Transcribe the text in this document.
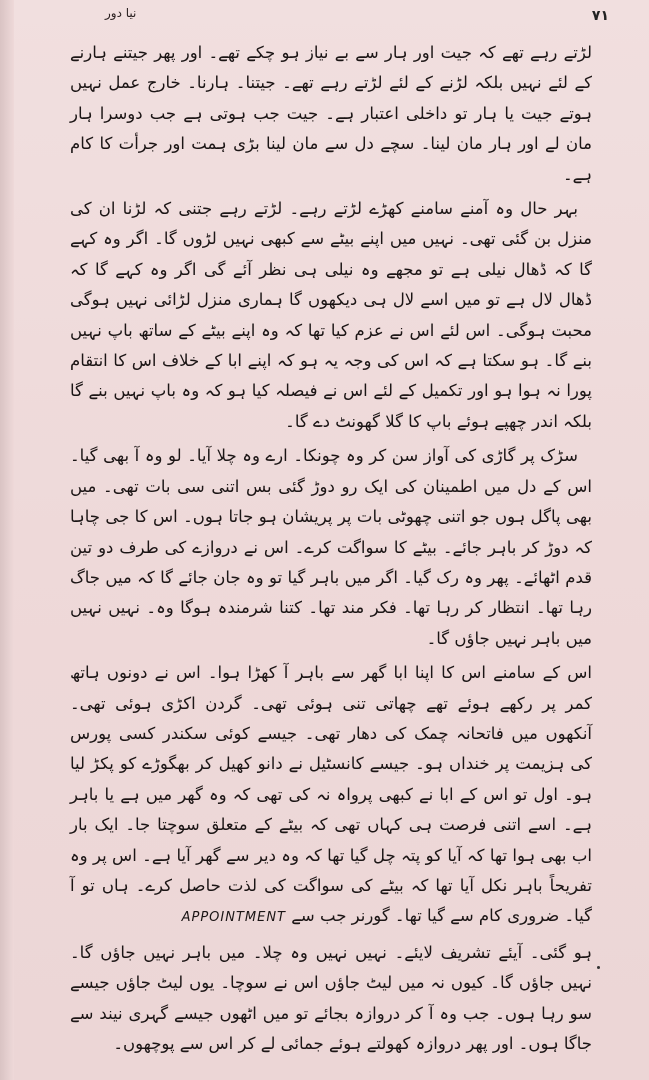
نیا دور	۷۱

لڑتے رہے تھے کہ جیت اور ہار سے بے نیاز ہو چکے تھے۔ اور پھر جیتنے ہارنے کے لئے نہیں بلکہ لڑنے کے لئے لڑتے رہے تھے۔ جیتنا۔ ہارنا۔ خارج عمل نہیں ہوتے جیت یا ہار تو داخلی اعتبار ہے۔ جیت جب ہوتی ہے جب دوسرا ہار مان لے اور ہار مان لینا۔ سچے دل سے مان لینا بڑی ہمت اور جرأت کا کام ہے۔

بہر حال وہ آمنے سامنے کھڑے لڑتے رہے۔ لڑتے رہے جتنی کہ لڑنا ان کی منزل بن گئی تھی۔ نہیں میں اپنے بیٹے سے کبھی نہیں لڑوں گا۔ اگر وہ کہے گا کہ ڈھال نیلی ہے تو مجھے وہ نیلی ہی نظر آئے گی اگر وہ کہے گا کہ ڈھال لال ہے تو میں اسے لال ہی دیکھوں گا ہماری منزل لڑائی نہیں ہوگی محبت ہوگی۔ اس لئے اس نے عزم کیا تھا کہ وہ اپنے بیٹے کے ساتھ باپ نہیں بنے گا۔ ہو سکتا ہے کہ اس کی وجہ یہ ہو کہ اپنے ابا کے خلاف اس کا انتقام پورا نہ ہوا ہو اور تکمیل کے لئے اس نے فیصلہ کیا ہو کہ وہ باپ نہیں بنے گا بلکہ اندر چھپے ہوئے باپ کا گلا گھونٹ دے گا۔

سڑک پر گاڑی کی آواز سن کر وہ چونکا۔ ارے وہ چلا آیا۔ لو وہ آ بھی گیا۔ اس کے دل میں اطمینان کی ایک رو دوڑ گئی بس اتنی سی بات تھی۔ میں بھی پاگل ہوں جو اتنی چھوٹی بات پر پریشان ہو جاتا ہوں۔ اس کا جی چاہا کہ دوڑ کر باہر جائے۔ بیٹے کا سواگت کرے۔ اس نے دروازے کی طرف دو تین قدم اٹھائے۔ پھر وہ رک گیا۔ اگر میں باہر گیا تو وہ جان جائے گا کہ میں جاگ رہا تھا۔ انتظار کر رہا تھا۔ فکر مند تھا۔ کتنا شرمندہ ہوگا وہ۔ نہیں نہیں میں باہر نہیں جاؤں گا۔

اس کے سامنے اس کا اپنا ابا گھر سے باہر آ کھڑا ہوا۔ اس نے دونوں ہاتھ کمر پر رکھے ہوئے تھے چھاتی تنی ہوئی تھی۔ گردن اکڑی ہوئی تھی۔ آنکھوں میں فاتحانہ چمک کی دھار تھی۔ جیسے کوئی سکندر کسی پورس کی ہزیمت پر خنداں ہو۔ جیسے کانسٹیل نے دانو کھیل کر بھگوڑے کو پکڑ لیا ہو۔ اول تو اس کے ابا نے کبھی پرواہ نہ کی تھی کہ وہ گھر میں ہے یا باہر ہے۔ اسے اتنی فرصت ہی کہاں تھی کہ بیٹے کے متعلق سوچتا جا۔ ایک بار اب بھی ہوا تھا کہ آیا کو پتہ چل گیا تھا کہ وہ دیر سے گھر آیا ہے۔ اس پر وہ تفریحاً باہر نکل آیا تھا کہ بیٹے کی سواگت کی لذت حاصل کرے۔ ہاں تو آ گیا۔ ضروری کام سے گیا تھا۔ گورنر جب سے APPOINTMENT

ہو گئی۔ آیئے تشریف لایئے۔ نہیں نہیں وہ چلا۔ میں باہر نہیں جاؤں گا۔ نہیں جاؤں گا۔ کیوں نہ میں لیٹ جاؤں اس نے سوچا۔ یوں لیٹ جاؤں جیسے سو رہا ہوں۔ جب وہ آ کر دروازہ بجائے تو میں اٹھوں جیسے گہری نیند سے جاگا ہوں۔ اور پھر دروازہ کھولتے ہوئے جمائی لے کر اس سے پوچھوں۔
